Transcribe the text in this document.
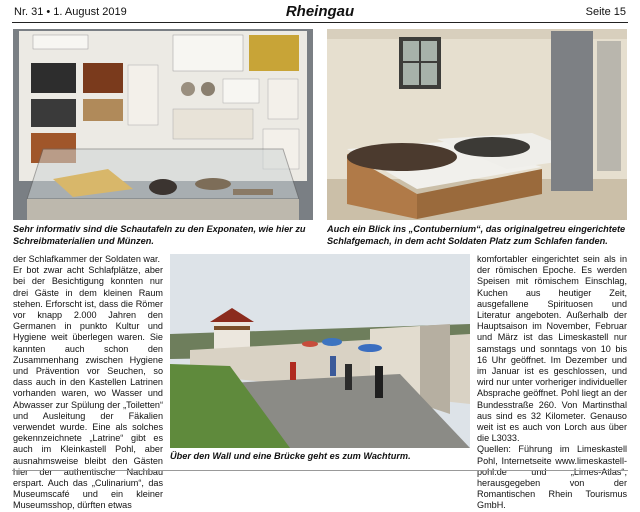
Nr. 31 • 1. August 2019	Rheingau	Seite 15
Sehr informativ sind die Schautafeln zu den Exponaten, wie hier zu Schreibmaterialien und Münzen.
Auch ein Blick ins „Contubernium“, das originalgetreu eingerichtete Schlafgemach, in dem acht Soldaten Platz zum Schlafen fanden.
der Schlafkammer der Soldaten war.
Er bot zwar acht Schlafplätze, aber bei der Besichtigung konnten nur drei Gäste in dem kleinen Raum stehen. Erforscht ist, dass die Römer vor knapp 2.000 Jahren den Germanen in punkto Kultur und Hygiene weit überlegen waren. Sie kannten auch schon den Zusammenhang zwischen Hygiene und Prävention vor Seuchen, so dass auch in den Kastellen Latrinen vorhanden waren, wo Wasser und Abwasser zur Spülung der „Toiletten“ und Ausleitung der Fäkalien verwendet wurde. Eine als solches gekennzeichnete „Latrine“ gibt es auch im Kleinkastell Pohl, aber ausnahmsweise bleibt den Gästen hier der authentische Nachbau erspart. Auch das „Culinarium“, das Museumscafé und ein kleiner Museumsshop, dürften etwas
Über den Wall und eine Brücke geht es zum Wachturm.
komfortabler eingerichtet sein als in der römischen Epoche. Es werden Speisen mit römischem Einschlag, Kuchen aus heutiger Zeit, ausgefallene Spirituosen und Literatur angeboten. Außerhalb der Hauptsaison im November, Februar und März ist das Limeskastell nur samstags und sonntags von 10 bis 16 Uhr geöffnet. Im Dezember und im Januar ist es geschlossen, und wird nur unter vorheriger individueller Absprache geöffnet. Pohl liegt an der Bundesstraße 260. Von Martinsthal aus sind es 32 Kilometer. Genauso weit ist es auch von Lorch aus über die L3033.
Quellen: Führung im Limeskastell Pohl, Internetseite www.limeskastell-pohl.de und „Limes-Atlas“, herausgegeben von der Romantischen Rhein Tourismus GmbH.
